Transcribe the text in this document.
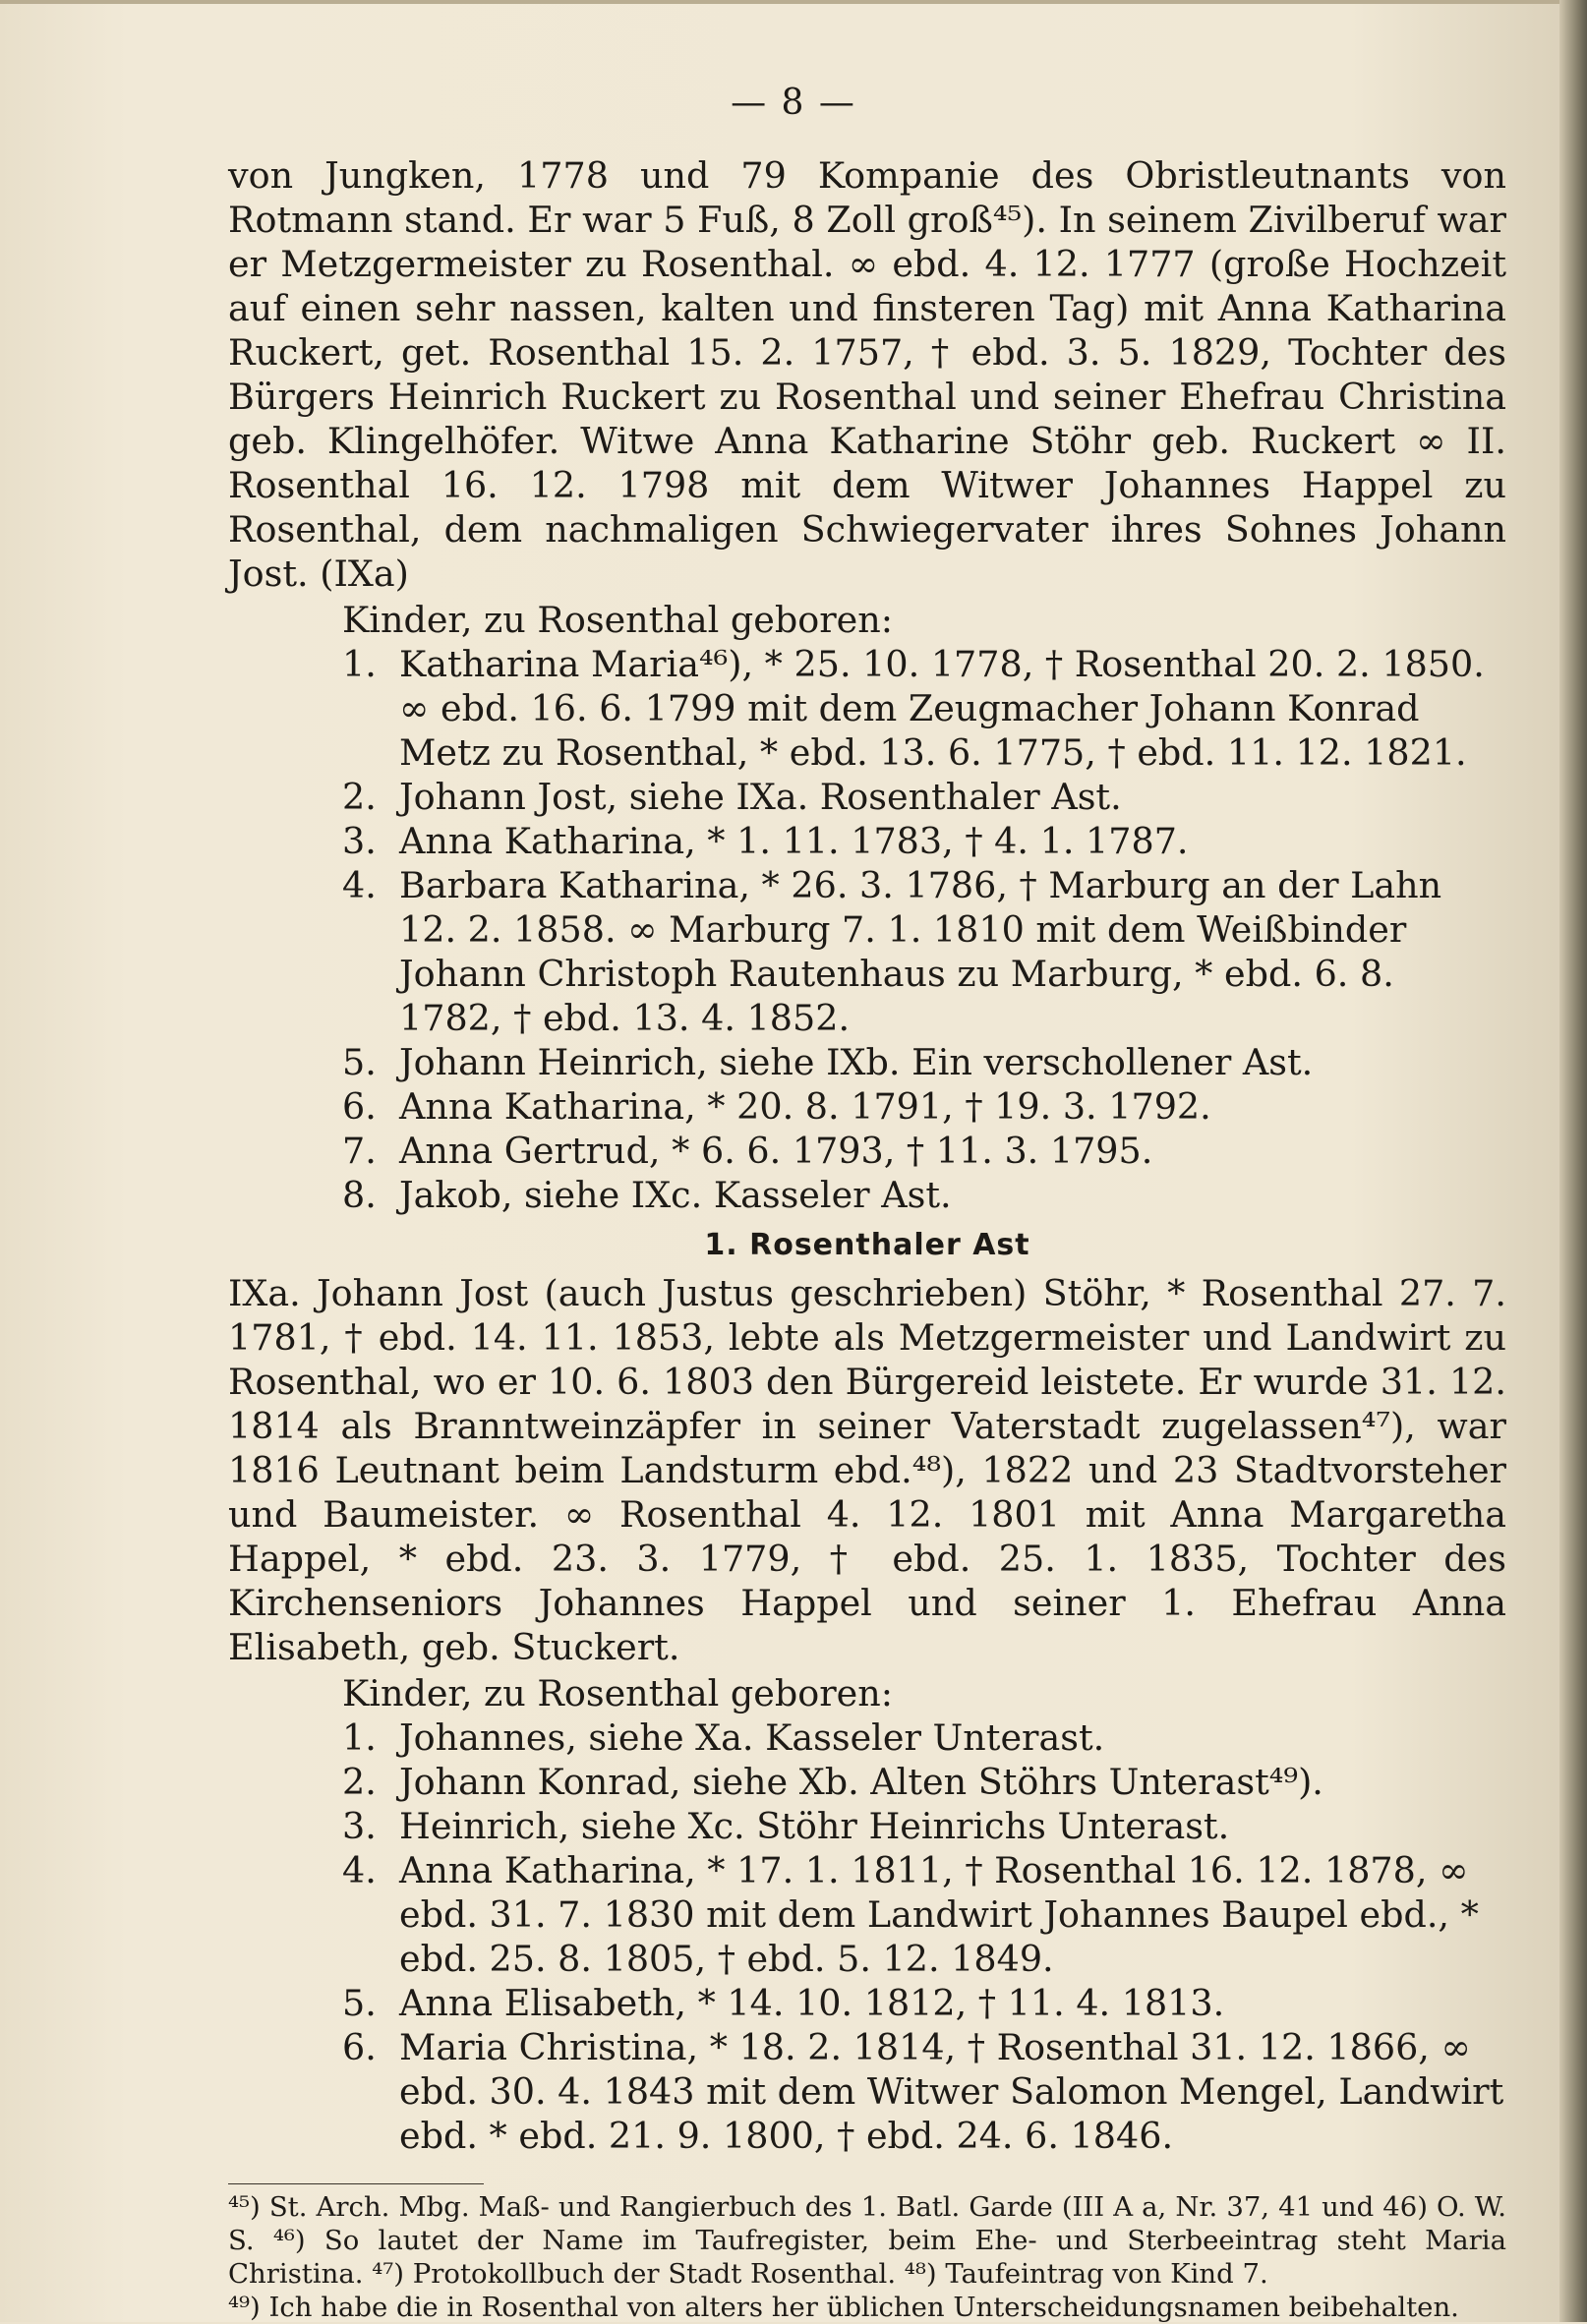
— 8 —

von Jungken, 1778 und 79 Kompanie des Obristleutnants von Rotmann stand. Er war 5 Fuß, 8 Zoll groß⁴⁵). In seinem Zivilberuf war er Metzgermeister zu Rosenthal. ∞ ebd. 4. 12. 1777 (große Hochzeit auf einen sehr nassen, kalten und finsteren Tag) mit Anna Katharina Ruckert, get. Rosenthal 15. 2. 1757, † ebd. 3. 5. 1829, Tochter des Bürgers Heinrich Ruckert zu Rosenthal und seiner Ehefrau Christina geb. Klingelhöfer. Witwe Anna Katharine Stöhr geb. Ruckert ∞ II. Rosenthal 16. 12. 1798 mit dem Witwer Johannes Happel zu Rosenthal, dem nachmaligen Schwiegervater ihres Sohnes Johann Jost. (IXa)

Kinder, zu Rosenthal geboren:

1. Katharina Maria⁴⁶), * 25. 10. 1778, † Rosenthal 20. 2. 1850. ∞ ebd. 16. 6. 1799 mit dem Zeugmacher Johann Konrad Metz zu Rosenthal, * ebd. 13. 6. 1775, † ebd. 11. 12. 1821.
2. Johann Jost, siehe IXa. Rosenthaler Ast.
3. Anna Katharina, * 1. 11. 1783, † 4. 1. 1787.
4. Barbara Katharina, * 26. 3. 1786, † Marburg an der Lahn 12. 2. 1858. ∞ Marburg 7. 1. 1810 mit dem Weißbinder Johann Christoph Rautenhaus zu Marburg, * ebd. 6. 8. 1782, † ebd. 13. 4. 1852.
5. Johann Heinrich, siehe IXb. Ein verschollener Ast.
6. Anna Katharina, * 20. 8. 1791, † 19. 3. 1792.
7. Anna Gertrud, * 6. 6. 1793, † 11. 3. 1795.
8. Jakob, siehe IXc. Kasseler Ast.
1. Rosenthaler Ast

IXa. Johann Jost (auch Justus geschrieben) Stöhr, * Rosenthal 27. 7. 1781, † ebd. 14. 11. 1853, lebte als Metzgermeister und Landwirt zu Rosenthal, wo er 10. 6. 1803 den Bürgereid leistete. Er wurde 31. 12. 1814 als Branntweinzäpfer in seiner Vaterstadt zugelassen⁴⁷), war 1816 Leutnant beim Landsturm ebd.⁴⁸), 1822 und 23 Stadtvorsteher und Baumeister. ∞ Rosenthal 4. 12. 1801 mit Anna Margaretha Happel, * ebd. 23. 3. 1779, † ebd. 25. 1. 1835, Tochter des Kirchenseniors Johannes Happel und seiner 1. Ehefrau Anna Elisabeth, geb. Stuckert.

Kinder, zu Rosenthal geboren:

1. Johannes, siehe Xa. Kasseler Unterast.
2. Johann Konrad, siehe Xb. Alten Stöhrs Unterast⁴⁹).
3. Heinrich, siehe Xc. Stöhr Heinrichs Unterast.
4. Anna Katharina, * 17. 1. 1811, † Rosenthal 16. 12. 1878, ∞ ebd. 31. 7. 1830 mit dem Landwirt Johannes Baupel ebd., * ebd. 25. 8. 1805, † ebd. 5. 12. 1849.
5. Anna Elisabeth, * 14. 10. 1812, † 11. 4. 1813.
6. Maria Christina, * 18. 2. 1814, † Rosenthal 31. 12. 1866, ∞ ebd. 30. 4. 1843 mit dem Witwer Salomon Mengel, Landwirt ebd. * ebd. 21. 9. 1800, † ebd. 24. 6. 1846.

⁴⁵) St. Arch. Mbg. Maß- und Rangierbuch des 1. Batl. Garde (III A a, Nr. 37, 41 und 46) O. W. S. ⁴⁶) So lautet der Name im Taufregister, beim Ehe- und Sterbeeintrag steht Maria Christina. ⁴⁷) Protokollbuch der Stadt Rosenthal. ⁴⁸) Taufeintrag von Kind 7.

⁴⁹) Ich habe die in Rosenthal von alters her üblichen Unterscheidungsnamen beibehalten.
